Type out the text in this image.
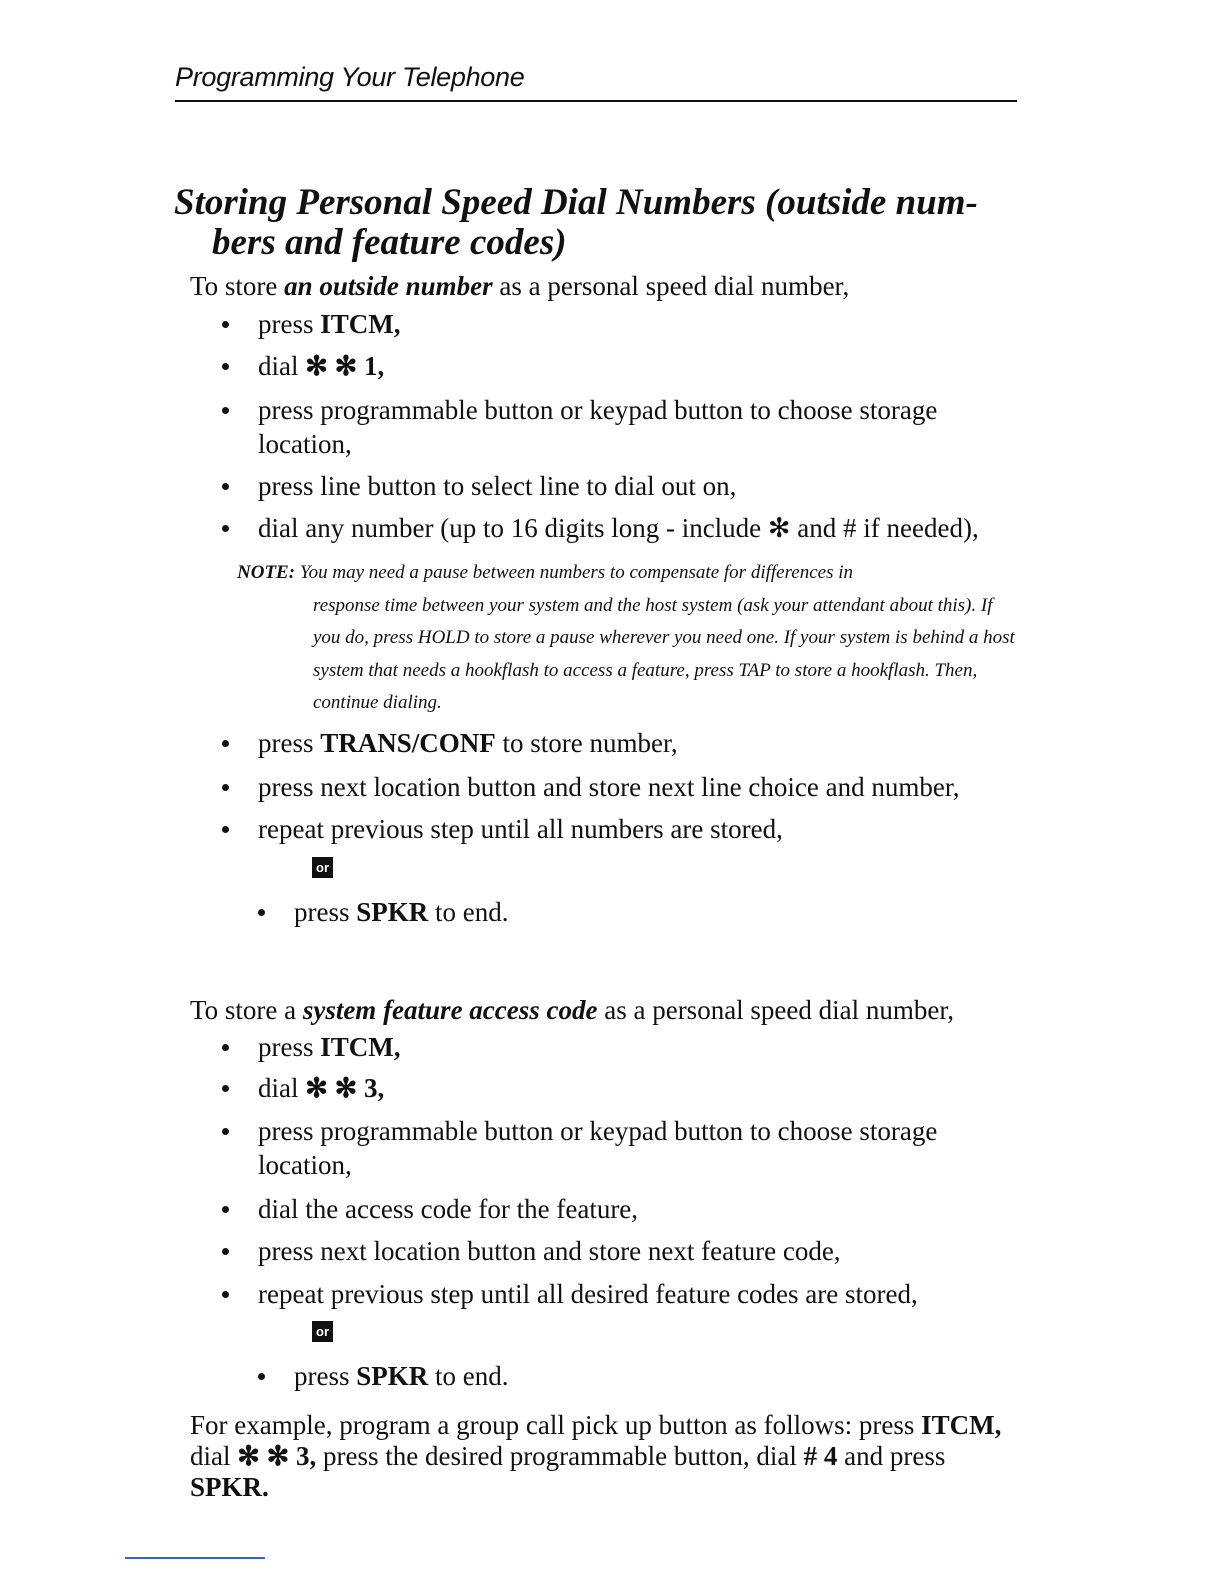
Programming Your Telephone
Storing Personal Speed Dial Numbers (outside num-
bers and feature codes)
To store an outside number as a personal speed dial number,
press ITCM,
dial ✻ ✻ 1,
press programmable button or keypad button to choose storage location,
press line button to select line to dial out on,
dial any number (up to 16 digits long - include ✻ and # if needed),
NOTE: You may need a pause between numbers to compensate for differences in
response time between your system and the host system (ask your attendant about this). If you do, press HOLD to store a pause wherever you need one. If your system is behind a host system that needs a hookflash to access a feature, press TAP to store a hookflash. Then, continue dialing.
press TRANS/CONF to store number,
press next location button and store next line choice and number,
repeat previous step until all numbers are stored,
or
press SPKR to end.
To store a system feature access code as a personal speed dial number,
press ITCM,
dial ✻ ✻ 3,
press programmable button or keypad button to choose storage location,
dial the access code for the feature,
press next location button and store next feature code,
repeat previous step until all desired feature codes are stored,
or
press SPKR to end.
For example, program a group call pick up button as follows: press ITCM, dial ✻ ✻ 3, press the desired programmable button, dial # 4 and press SPKR.
